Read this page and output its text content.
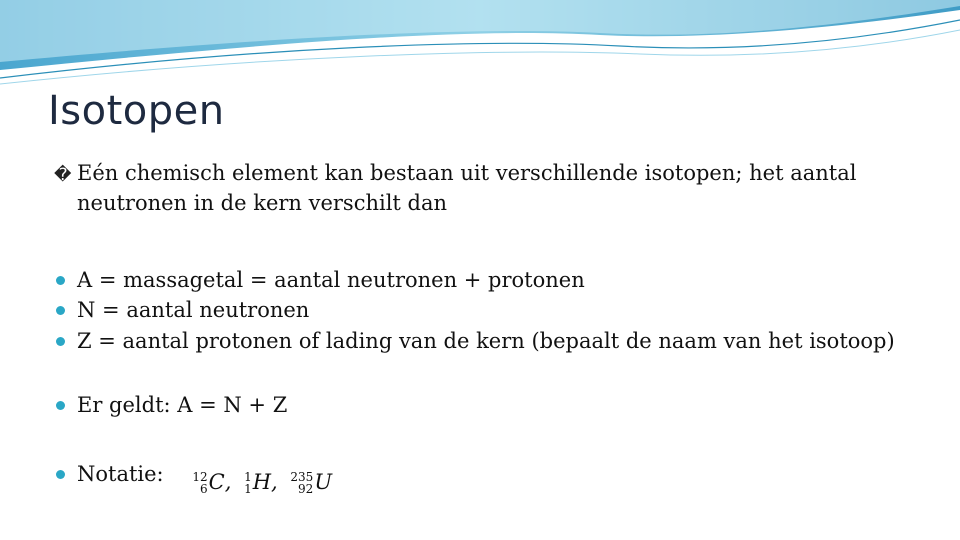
Isotopen
� Eén chemisch element kan bestaan uit verschillende isotopen; het aantal neutronen in de kern verschilt dan
A = massagetal = aantal neutronen + protonen
N = aantal neutronen
Z = aantal protonen of lading van de kern (bepaalt de naam van het isotoop)
Er geldt: A = N + Z
Notatie: 12
6 C ,
1
1 H ,
235
92 U
